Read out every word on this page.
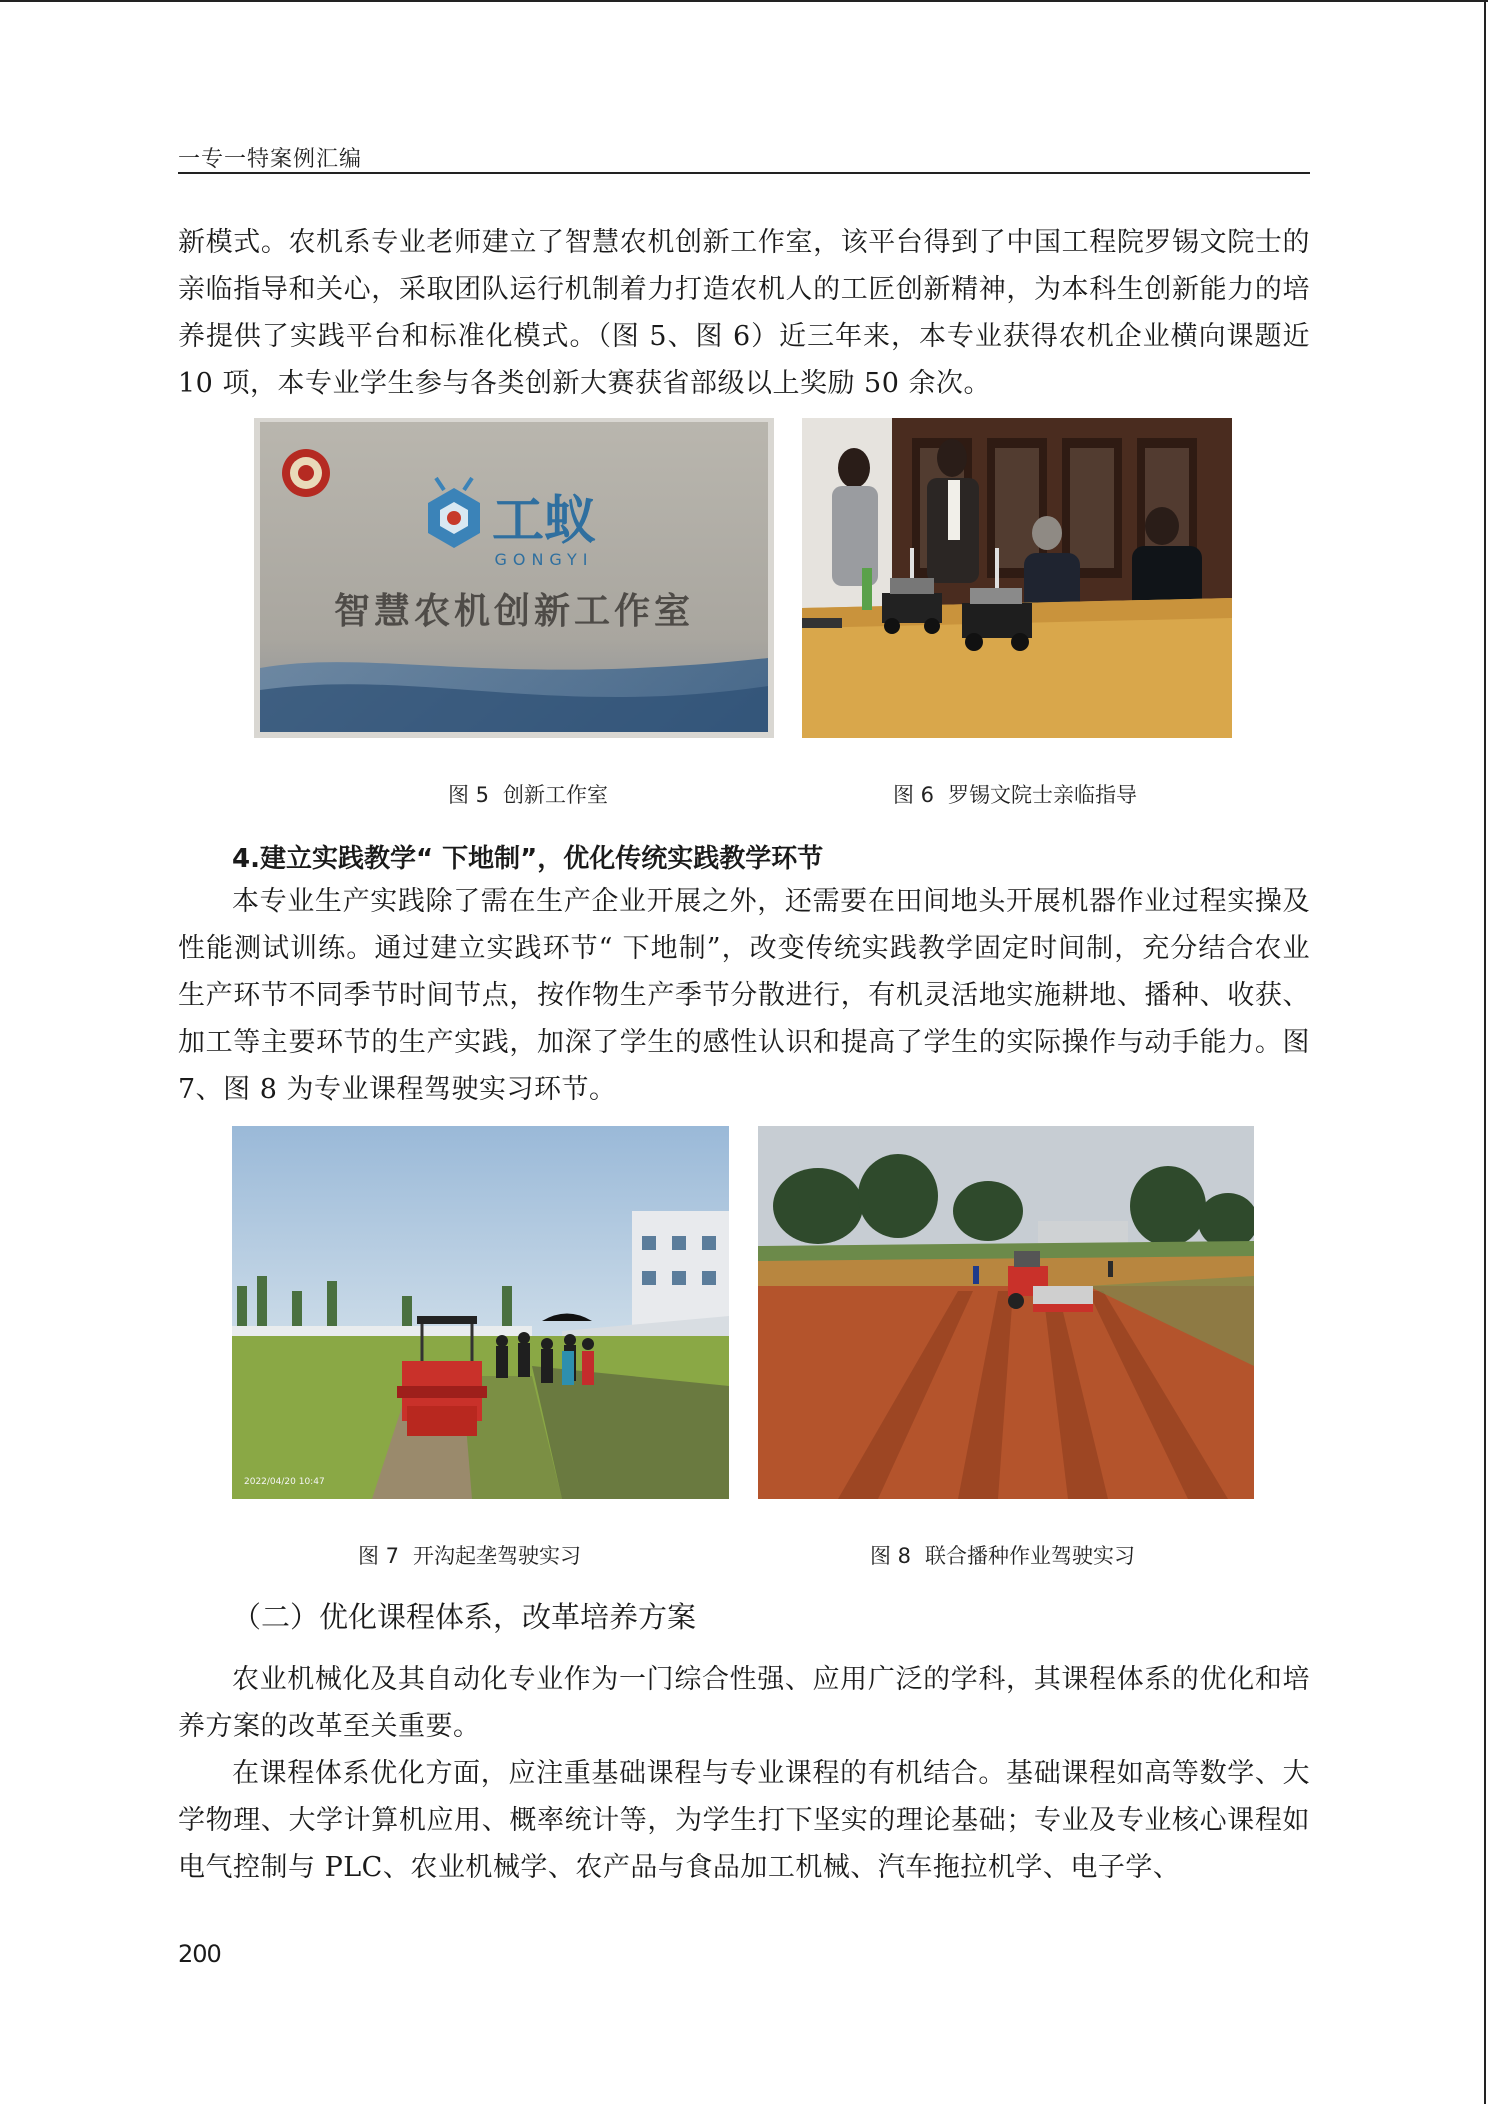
一专一特案例汇编

新模式。农机系专业老师建立了智慧农机创新工作室，该平台得到了中国工程院罗锡文院士的亲临指导和关心，采取团队运行机制着力打造农机人的工匠创新精神，为本科生创新能力的培养提供了实践平台和标准化模式。（图 5、图 6）近三年来，本专业获得农机企业横向课题近 10 项，本专业学生参与各类创新大赛获省部级以上奖励 50 余次。

工蚁
GONGYI
智慧农机创新工作室
图 5 创新工作室	图 6 罗锡文院士亲临指导
4.建立实践教学“ 下地制”，优化传统实践教学环节

本专业生产实践除了需在生产企业开展之外，还需要在田间地头开展机器作业过程实操及性能测试训练。通过建立实践环节“ 下地制”，改变传统实践教学固定时间制，充分结合农业生产环节不同季节时间节点，按作物生产季节分散进行，有机灵活地实施耕地、播种、收获、加工等主要环节的生产实践，加深了学生的感性认识和提高了学生的实际操作与动手能力。图 7、图 8 为专业课程驾驶实习环节。

2022/04/20 10:47
图 7 开沟起垄驾驶实习	图 8 联合播种作业驾驶实习
（二）优化课程体系，改革培养方案

农业机械化及其自动化专业作为一门综合性强、应用广泛的学科，其课程体系的优化和培养方案的改革至关重要。

在课程体系优化方面，应注重基础课程与专业课程的有机结合。基础课程如高等数学、大学物理、大学计算机应用、概率统计等，为学生打下坚实的理论基础；专业及专业核心课程如电气控制与 PLC、农业机械学、农产品与食品加工机械、汽车拖拉机学、电子学、

200
